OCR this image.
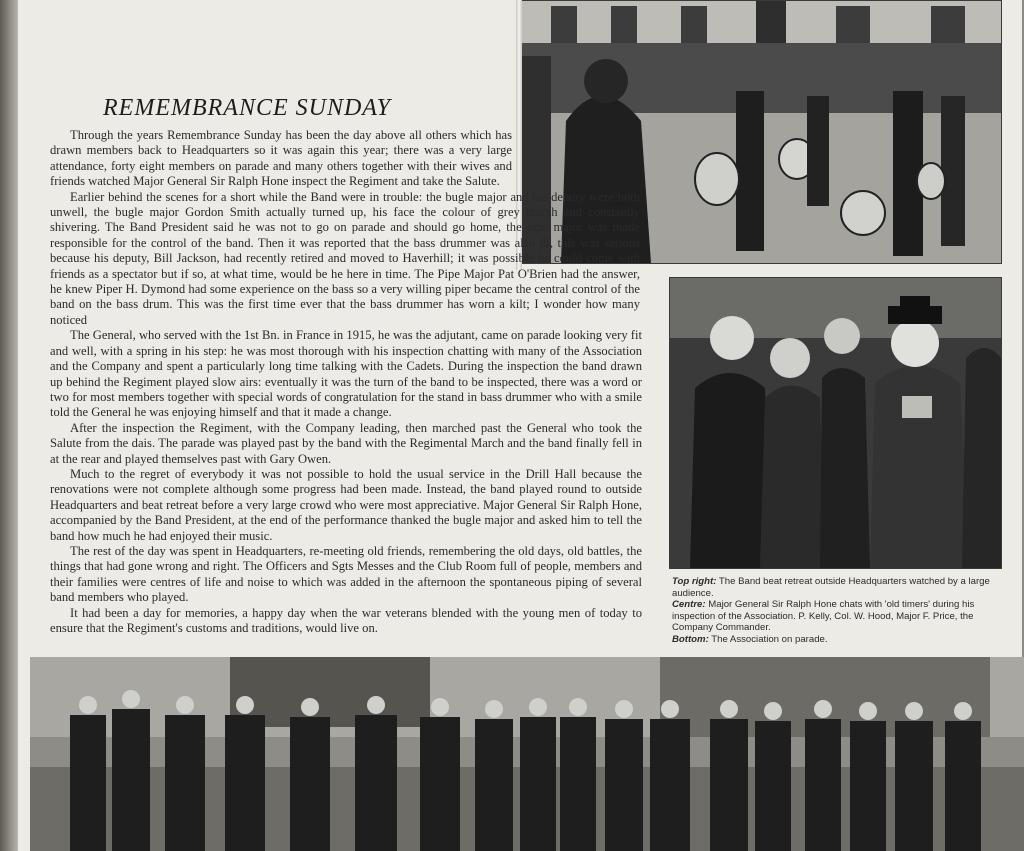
REMEMBRANCE SUNDAY

Through the years Remembrance Sunday has been the day above all others which has drawn members back to Headquarters so it was again this year; there was a very large attendance, forty eight members on parade and many others together with their wives and friends watched Major General Sir Ralph Hone inspect the Regiment and take the Salute.

Earlier behind the scenes for a short while the Band were in trouble: the bugle major and his deputy were both unwell, the bugle major Gordon Smith actually turned up, his face the colour of grey dough and constantly shivering. The Band President said he was not to go on parade and should go home, the pipe major was made responsible for the control of the band. Then it was reported that the bass drummer was also ill, this was serious because his deputy, Bill Jackson, had recently retired and moved to Haverhill; it was possible he could come with friends as a spectator but if so, at what time, would be he here in time. The Pipe Major Pat O'Brien had the answer, he knew Piper H. Dymond had some experience on the bass so a very willing piper became the central control of the band on the bass drum. This was the first time ever that the bass drummer has worn a kilt; I wonder how many noticed

The General, who served with the 1st Bn. in France in 1915, he was the adjutant, came on parade looking very fit and well, with a spring in his step: he was most thorough with his inspection chatting with many of the Association and the Company and spent a particularly long time talking with the Cadets. During the inspection the band drawn up behind the Regiment played slow airs: eventually it was the turn of the band to be inspected, there was a word or two for most members together with special words of congratulation for the stand in bass drummer who with a smile told the General he was enjoying himself and that it made a change.

After the inspection the Regiment, with the Company leading, then marched past the General who took the Salute from the dais. The parade was played past by the band with the Regimental March and the band finally fell in at the rear and played themselves past with Gary Owen.

Much to the regret of everybody it was not possible to hold the usual service in the Drill Hall because the renovations were not complete although some progress had been made. Instead, the band played round to outside Headquarters and beat retreat before a very large crowd who were most appreciative. Major General Sir Ralph Hone, accompanied by the Band President, at the end of the performance thanked the bugle major and asked him to tell the band how much he had enjoyed their music.

The rest of the day was spent in Headquarters, re-meeting old friends, remembering the old days, old battles, the things that had gone wrong and right. The Officers and Sgts Messes and the Club Room full of people, members and their families were centres of life and noise to which was added in the afternoon the spontaneous piping of several band members who played.

It had been a day for memories, a happy day when the war veterans blended with the young men of today to ensure that the Regiment's customs and traditions, would live on.

Top right: The Band beat retreat outside Headquarters watched by a large audience.
Centre: Major General Sir Ralph Hone chats with 'old timers' during his inspection of the Association. P. Kelly, Col. W. Hood, Major F. Price, the Company Commander.
Bottom: The Association on parade.
